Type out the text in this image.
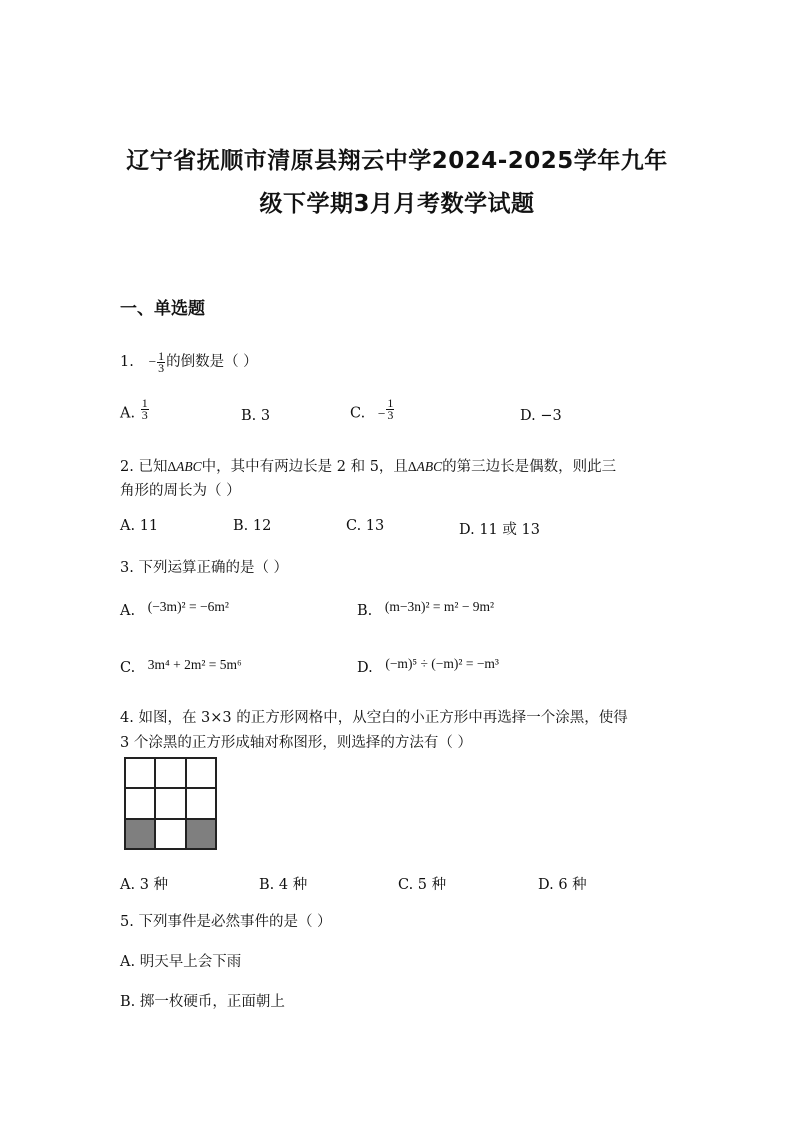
辽宁省抚顺市清原县翔云中学2024-2025学年九年
级下学期3月月考数学试题
一、单选题
1. − $\frac{1}{3}$ 的倒数是（ ）
A. $\frac{1}{3}$	B. 3	C. − $\frac{1}{3}$	D. −3
2. 已知ΔABC中，其中有两边长是 2 和 5，且ΔABC的第三边长是偶数，则此三
角形的周长为（ ）
A. 11	B. 12	C. 13	D. 11 或 13
3. 下列运算正确的是（ ）
A. (−3m)² = −6m²	B. (m−3n)² = m² − 9m²
C. 3m⁴ + 2m² = 5m⁶	D. (−m)⁵ ÷ (−m)² = −m³
4. 如图，在 3×3 的正方形网格中，从空白的小正方形中再选择一个涂黑，使得
3 个涂黑的正方形成轴对称图形，则选择的方法有（ ）
A. 3 种	B. 4 种	C. 5 种	D. 6 种
5. 下列事件是必然事件的是（ ）
A. 明天早上会下雨
B. 掷一枚硬币，正面朝上
